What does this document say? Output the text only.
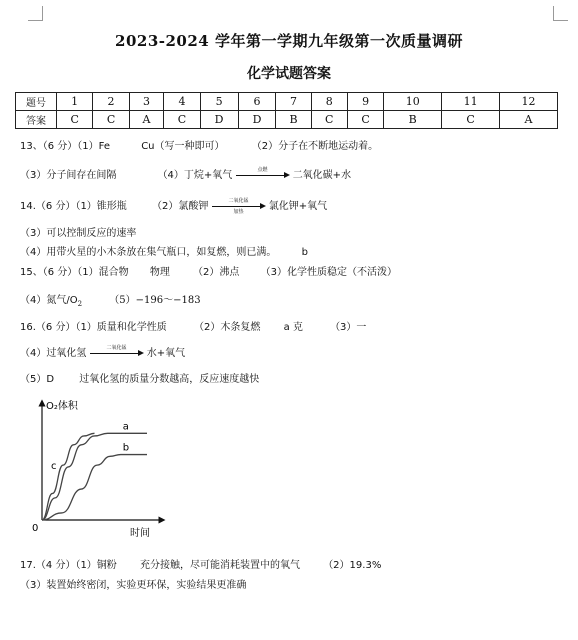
2023-2024 学年第一学期九年级第一次质量调研
化学试题答案
题号	1	2	3	4	5	6	7	8	9	10	11	12
答案	C	C	A	C	D	D	B	C	C	B	C	A
13、（6 分）（1）Fe	Cu（写一种即可）	（2）分子在不断地运动着。
（3）分子间存在间隔	（4）丁烷+氧气	点燃	二氧化碳+水
14.（6 分）（1）锥形瓶	（2）氯酸钾	二氧化锰
加热	氯化钾+氧气
（3）可以控制反应的速率
（4）用带火星的小木条放在集气瓶口，如复燃，则已满。	b
15、（6 分）（1）混合物 物理 （2）沸点 （3）化学性质稳定（不活泼）
（4）氮气$/O_2$	（5）−196～−183
16.（6 分）（1）质量和化学性质	（2）木条复燃 a 克	（3）一
（4）过氧化氢	二氧化锰	水+氧气
（5）D	过氧化氢的质量分数越高，反应速度越快
O₂体积
时间
0
a
b
c
17.（4 分）（1）铜粉 充分接触，尽可能消耗装置中的氧气 （2）19.3%
（3）装置始终密闭，实验更环保，实验结果更准确
